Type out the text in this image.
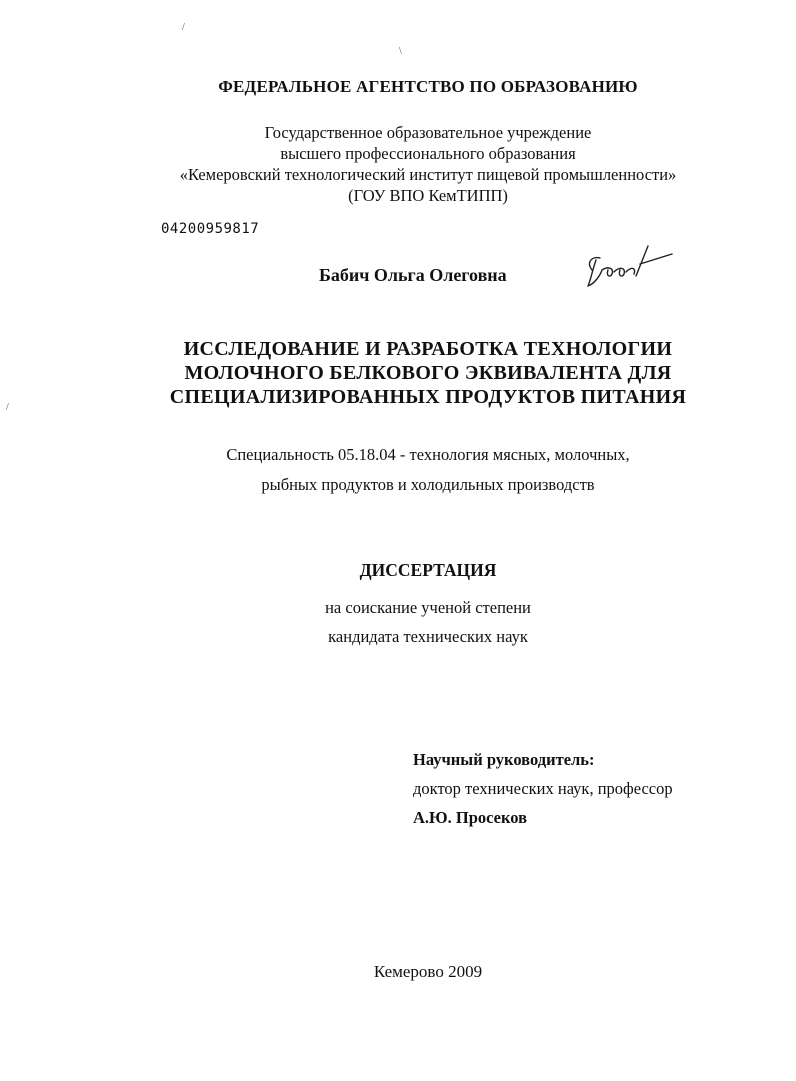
/
\
/
ФЕДЕРАЛЬНОЕ АГЕНТСТВО ПО ОБРАЗОВАНИЮ
Государственное образовательное учреждение
высшего профессионального образования
«Кемеровский технологический институт пищевой промышленности»
(ГОУ ВПО КемТИПП)
04200959817
Бабич Ольга Олеговна
ИССЛЕДОВАНИЕ И РАЗРАБОТКА ТЕХНОЛОГИИ
МОЛОЧНОГО БЕЛКОВОГО ЭКВИВАЛЕНТА ДЛЯ
СПЕЦИАЛИЗИРОВАННЫХ ПРОДУКТОВ ПИТАНИЯ
Специальность 05.18.04 - технология мясных, молочных,
рыбных продуктов и холодильных производств
ДИССЕРТАЦИЯ
на соискание ученой степени
кандидата технических наук
Научный руководитель:
доктор технических наук, профессор
А.Ю. Просеков
Кемерово 2009
